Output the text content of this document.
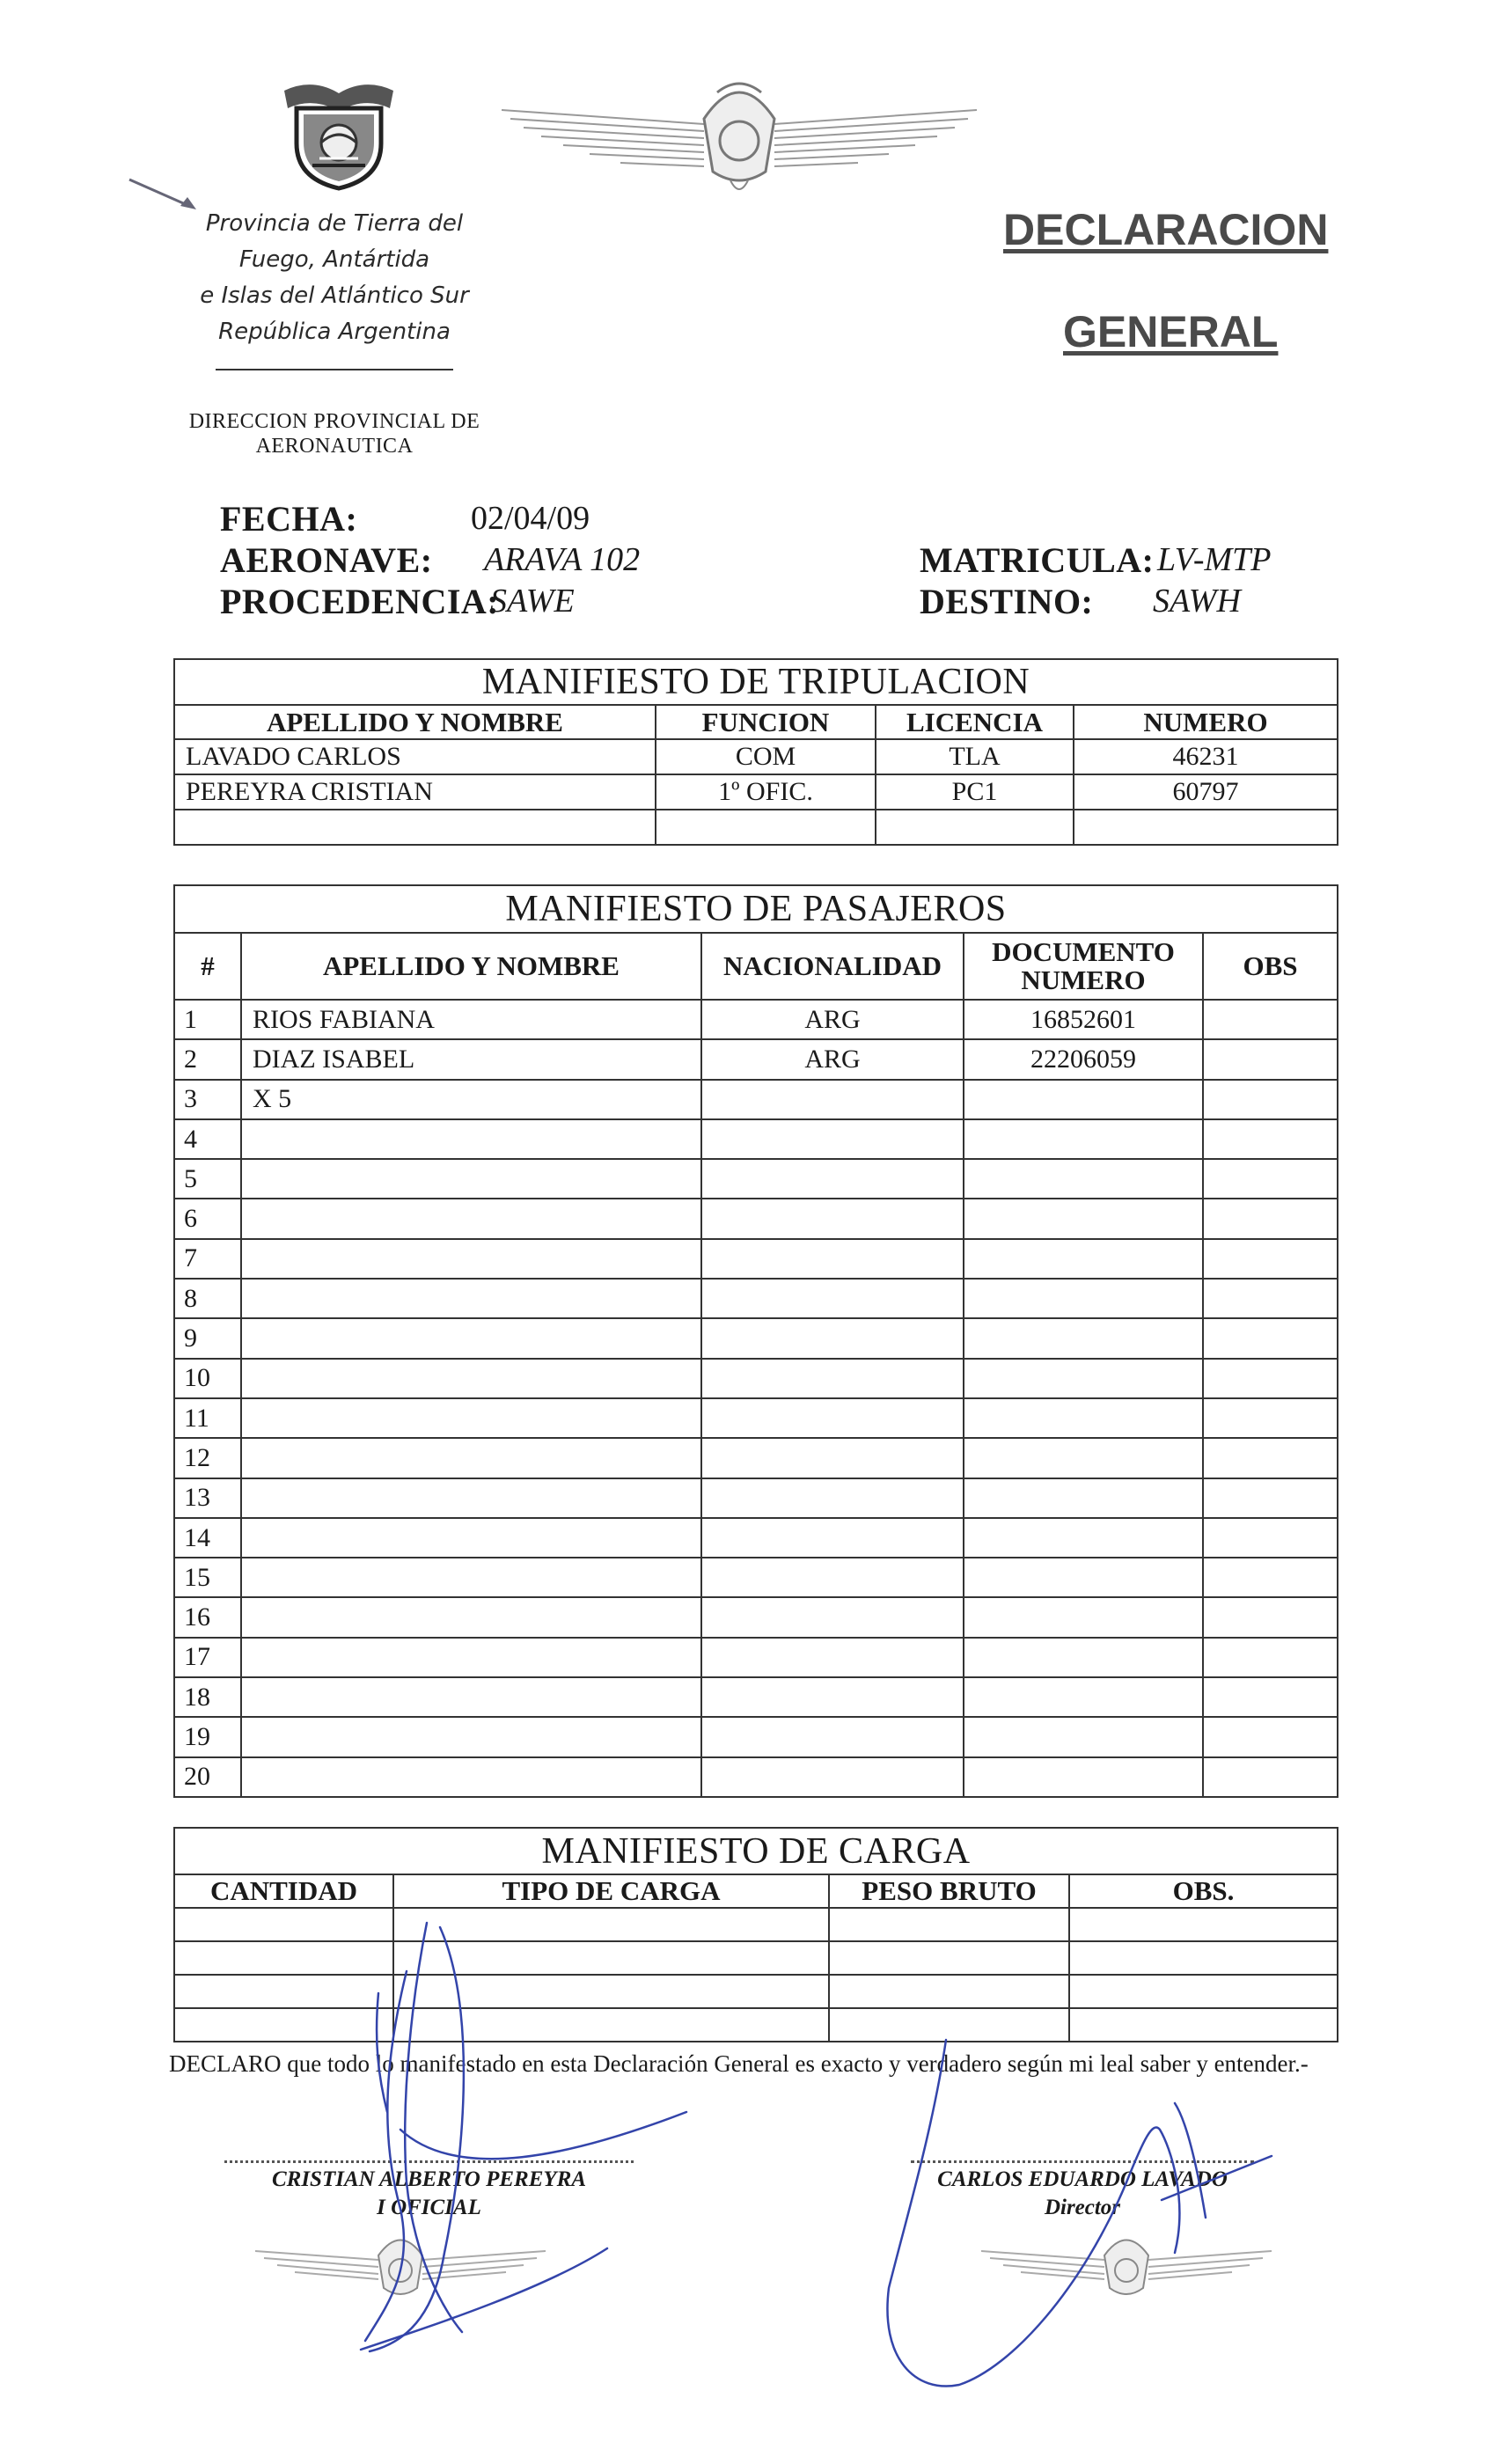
Provincia de Tierra del
Fuego, Antártida
e Islas del Atlántico Sur
República Argentina
DIRECCION PROVINCIAL DE
AERONAUTICA
DECLARACION
GENERAL
FECHA:	02/04/09
AERONAVE: ARAVA 102
PROCEDENCIA:
SAWE
MATRICULA: LV-MTP
DESTINO: SAWH
MANIFIESTO DE TRIPULACION			
APELLIDO Y NOMBRE	FUNCION	LICENCIA	NUMERO
LAVADO CARLOS	COM	TLA	46231
PEREYRA CRISTIAN	1º OFIC.	PC1	60797

MANIFIESTO DE PASAJEROS				
#	APELLIDO Y NOMBRE	NACIONALIDAD	DOCUMENTO NUMERO	OBS
1	RIOS FABIANA	ARG	16852601	
2	DIAZ ISABEL	ARG	22206059	
3	X 5			
4				
5				
6				
7				
8				
9				
10				
11				
12				
13				
14				
15				
16				
17				
18				
19				
20				
MANIFIESTO DE CARGA			
CANTIDAD	TIPO DE CARGA	PESO BRUTO	OBS.

DECLARO que todo lo manifestado en esta Declaración General es exacto y verdadero según mi leal saber y entender.-
CRISTIAN ALBERTO PEREYRA
I OFICIAL
CARLOS EDUARDO LAVADO
Director
